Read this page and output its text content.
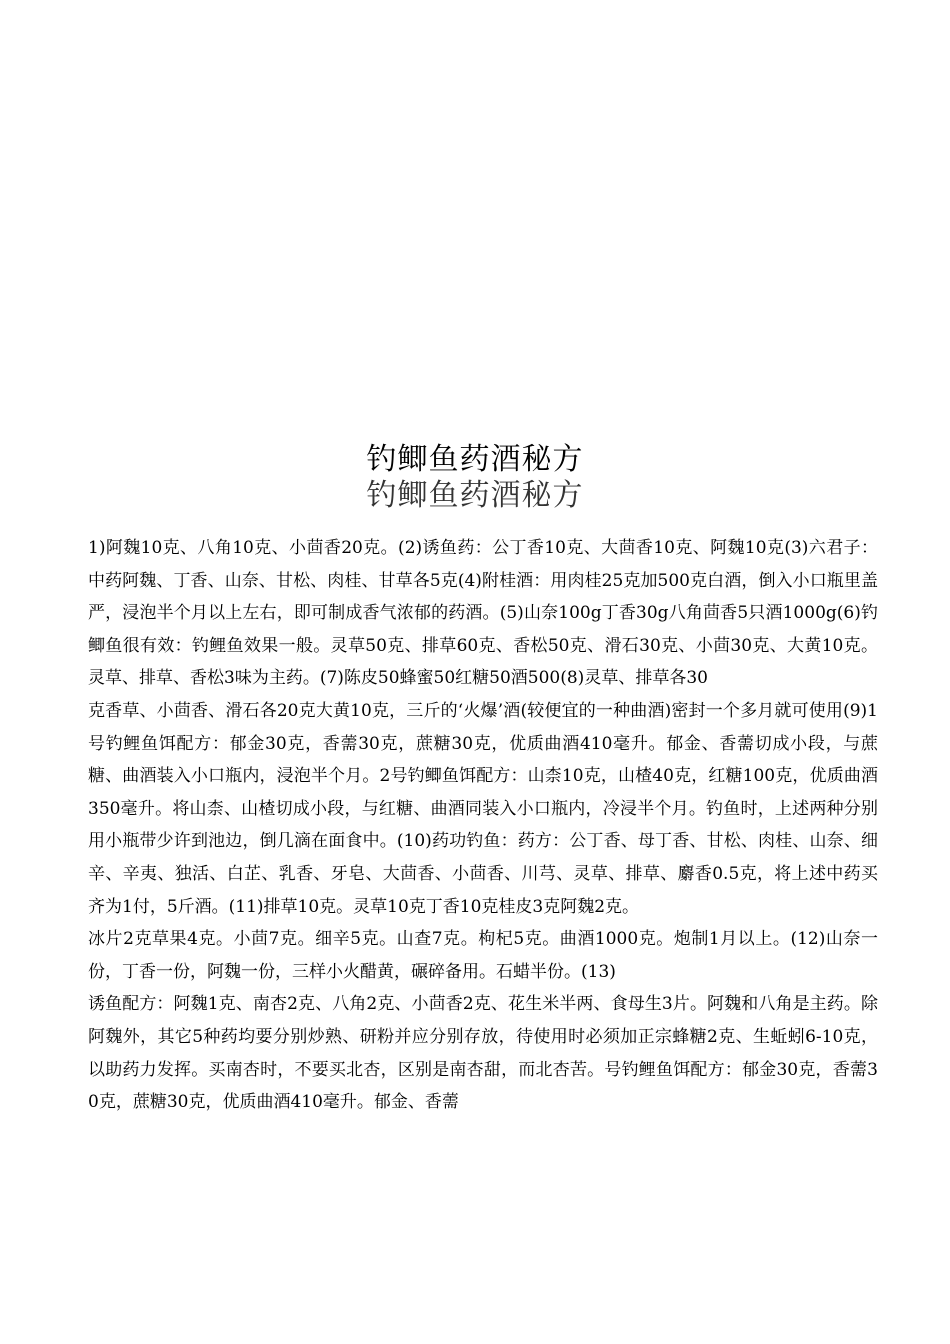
钓鲫鱼药酒秘方
钓鲫鱼药酒秘方

1)阿魏10克、八角10克、小茴香20克。(2)诱鱼药：公丁香10克、大茴香10克、阿魏10克(3)六君子：中药阿魏、丁香、山奈、甘松、肉桂、甘草各5克(4)附桂酒：用肉桂25克加500克白酒，倒入小口瓶里盖严，浸泡半个月以上左右，即可制成香气浓郁的药酒。(5)山奈100g丁香30g八角茴香5只酒1000g(6)钓鲫鱼很有效：钓鲤鱼效果一般。灵草50克、排草60克、香松50克、滑石30克、小茴30克、大黄10克。灵草、排草、香松3味为主药。(7)陈皮50蜂蜜50红糖50酒500(8)灵草、排草各30

克香草、小茴香、滑石各20克大黄10克，三斤的‘火爆’酒(较便宜的一种曲酒)密封一个多月就可使用(9)1号钓鲤鱼饵配方：郁金30克，香薷30克，蔗糖30克，优质曲酒410毫升。郁金、香薷切成小段，与蔗糖、曲酒装入小口瓶内，浸泡半个月。2号钓鲫鱼饵配方：山柰10克，山楂40克，红糖100克，优质曲酒350毫升。将山柰、山楂切成小段，与红糖、曲酒同装入小口瓶内，冷浸半个月。钓鱼时，上述两种分别用小瓶带少许到池边，倒几滴在面食中。(10)药功钓鱼：药方：公丁香、母丁香、甘松、肉桂、山奈、细辛、辛夷、独活、白芷、乳香、牙皂、大茴香、小茴香、川芎、灵草、排草、麝香0.5克，将上述中药买齐为1付，5斤酒。(11)排草10克。灵草10克丁香10克桂皮3克阿魏2克。

冰片2克草果4克。小茴7克。细辛5克。山查7克。枸杞5克。曲酒1000克。炮制1月以上。(12)山奈一份，丁香一份，阿魏一份，三样小火醋黄，碾碎备用。石蜡半份。(13)

诱鱼配方：阿魏1克、南杏2克、八角2克、小茴香2克、花生米半两、食母生3片。阿魏和八角是主药。除阿魏外，其它5种药均要分别炒熟、研粉并应分别存放，待使用时必须加正宗蜂糖2克、生蚯蚓6-10克，以助药力发挥。买南杏时，不要买北杏，区别是南杏甜，而北杏苦。号钓鲤鱼饵配方：郁金30克，香薷30克，蔗糖30克，优质曲酒410毫升。郁金、香薷
